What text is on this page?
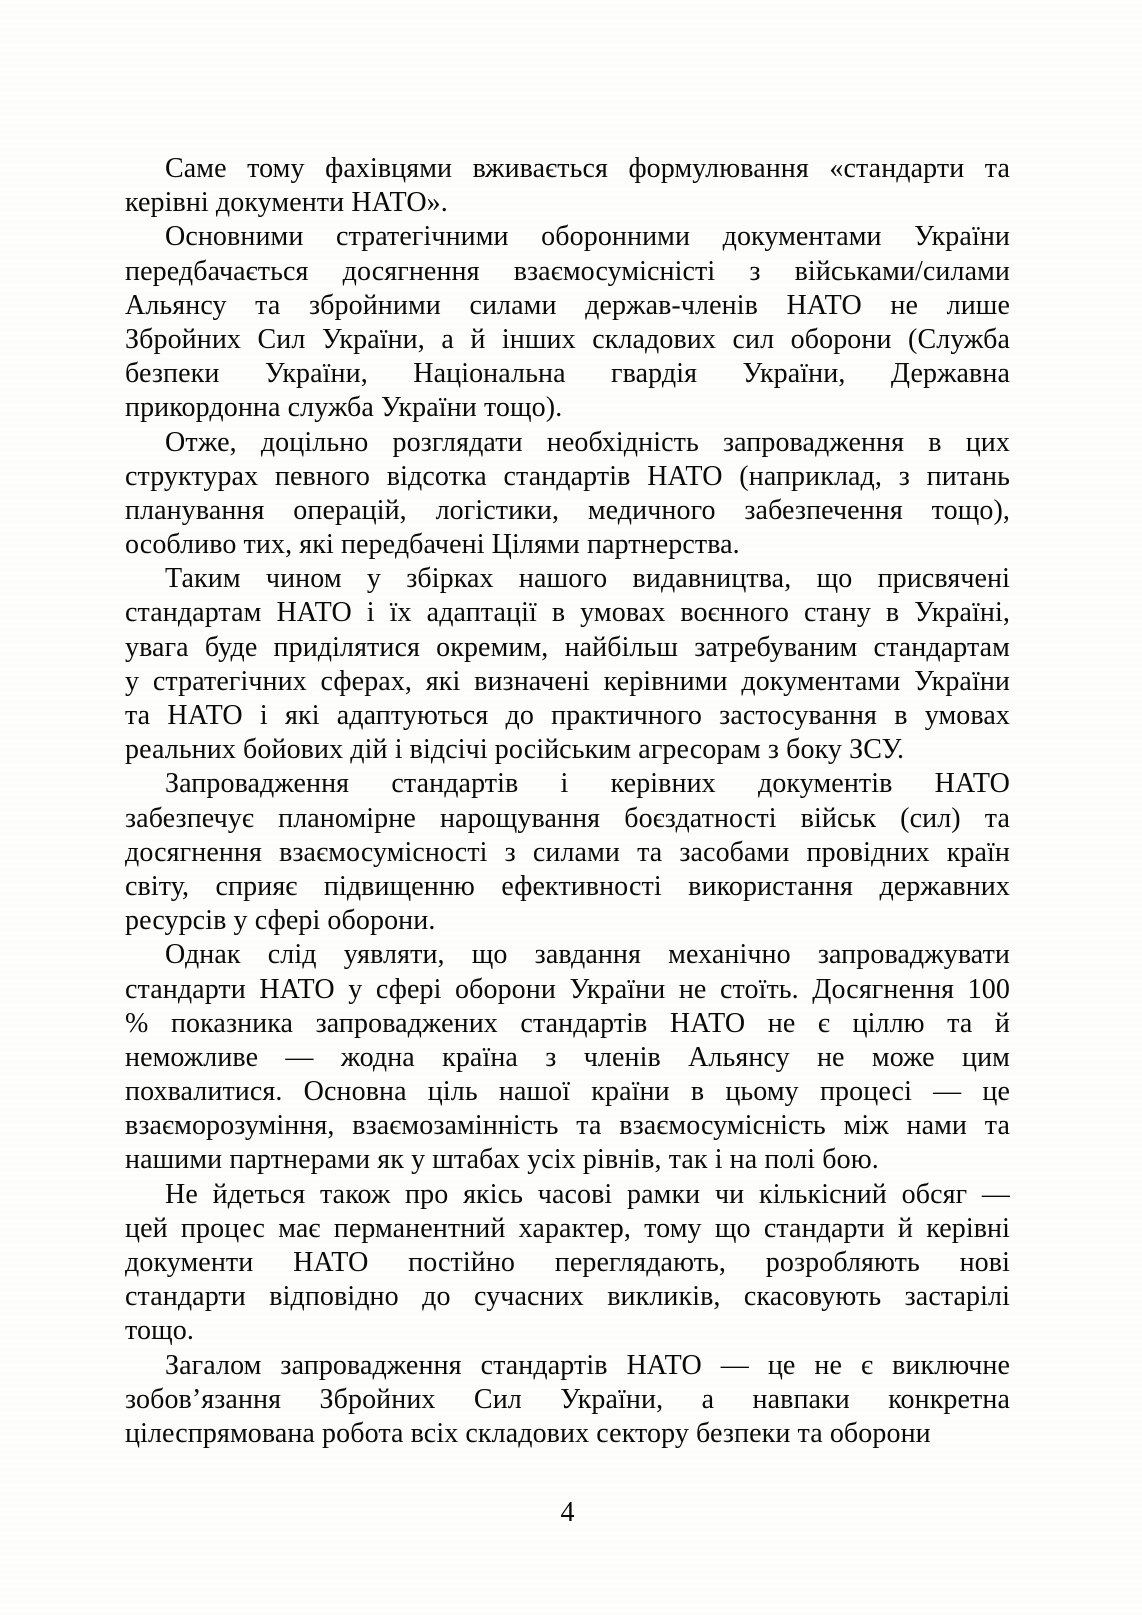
Саме тому фахівцями вживається формулювання «стандарти та
керівні документи НАТО».

Основними стратегічними оборонними документами України
передбачається досягнення взаємосумісністі з військами/силами
Альянсу та збройними силами держав-членів НАТО не лише
Збройних Сил України, а й інших складових сил оборони (Служба
безпеки України, Національна гвардія України, Державна
прикордонна служба України тощо).

Отже, доцільно розглядати необхідність запровадження в цих
структурах певного відсотка стандартів НАТО (наприклад, з питань
планування операцій, логістики, медичного забезпечення тощо),
особливо тих, які передбачені Цілями партнерства.

Таким чином у збірках нашого видавництва, що присвячені
стандартам НАТО і їх адаптації в умовах воєнного стану в Україні,
увага буде приділятися окремим, найбільш затребуваним стандартам
у стратегічних сферах, які визначені керівними документами України
та НАТО і які адаптуються до практичного застосування в умовах
реальних бойових дій і відсічі російським агресорам з боку ЗСУ.

Запровадження стандартів і керівних документів НАТО
забезпечує планомірне нарощування боєздатності військ (сил) та
досягнення взаємосумісності з силами та засобами провідних країн
світу, сприяє підвищенню ефективності використання державних
ресурсів у сфері оборони.

Однак слід уявляти, що завдання механічно запроваджувати
стандарти НАТО у сфері оборони України не стоїть. Досягнення 100
% показника запроваджених стандартів НАТО не є ціллю та й
неможливе — жодна країна з членів Альянсу не може цим
похвалитися. Основна ціль нашої країни в цьому процесі — це
взаєморозуміння, взаємозамінність та взаємосумісність між нами та
нашими партнерами як у штабах усіх рівнів, так і на полі бою.

Не йдеться також про якісь часові рамки чи кількісний обсяг —
цей процес має перманентний характер, тому що стандарти й керівні
документи НАТО постійно переглядають, розробляють нові
стандарти відповідно до сучасних викликів, скасовують застарілі
тощо.

Загалом запровадження стандартів НАТО — це не є виключне
зобов’язання Збройних Сил України, а навпаки конкретна
цілеспрямована робота всіх складових сектору безпеки та оборони

4
